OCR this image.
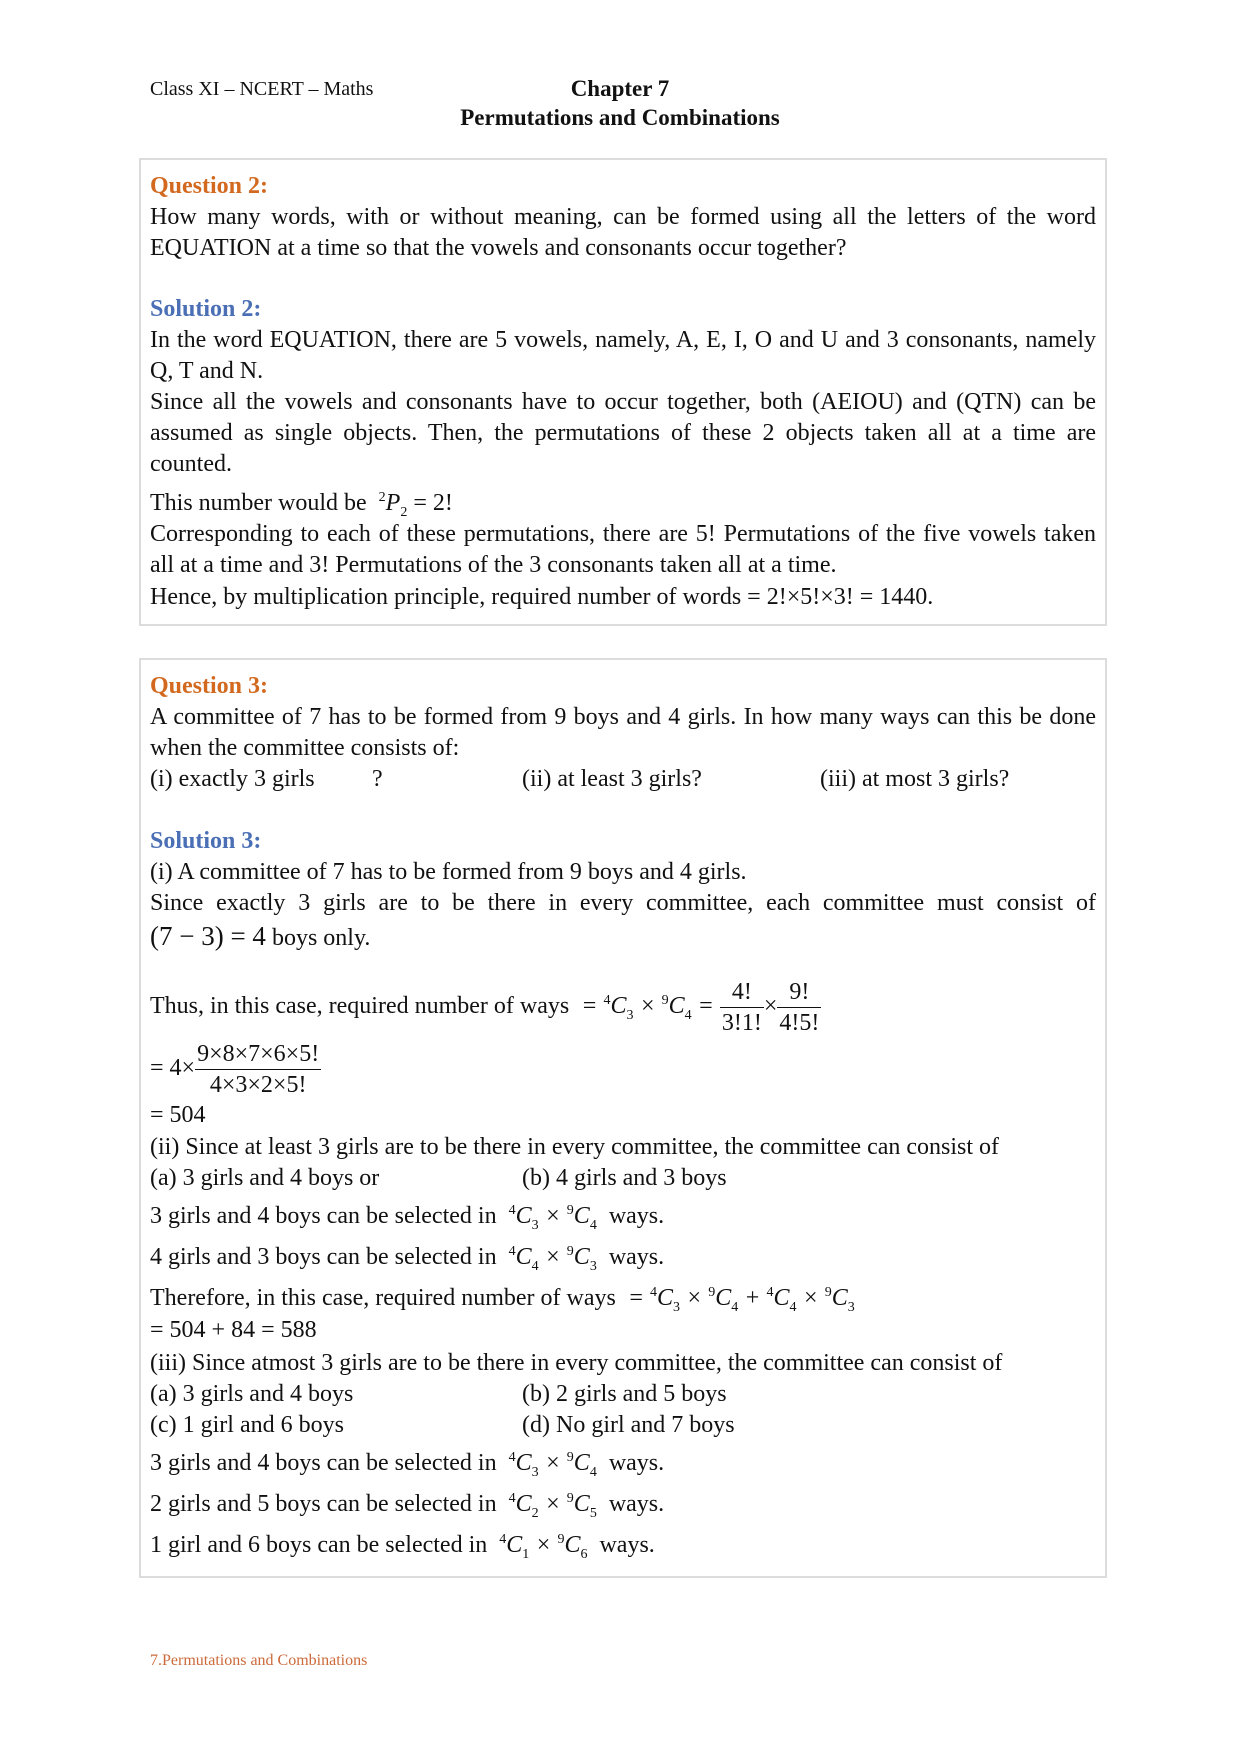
Class XI – NCERT – Maths	Chapter 7
Permutations and Combinations
Question 2:
How many words, with or without meaning, can be formed using all the letters of the word
EQUATION at a time so that the vowels and consonants occur together?
Solution 2:
In the word EQUATION, there are 5 vowels, namely, A, E, I, O and U and 3 consonants, namely
Q, T and N.
Since all the vowels and consonants have to occur together, both (AEIOU) and (QTN) can be
assumed as single objects. Then, the permutations of these 2 objects taken all at a time are
counted.
This number would be $^2P_2 = 2$!
Corresponding to each of these permutations, there are 5! Permutations of the five vowels taken
all at a time and 3! Permutations of the 3 consonants taken all at a time.
Hence, by multiplication principle, required number of words = 2!×5!×3! = 1440.
Question 3:
A committee of 7 has to be formed from 9 boys and 4 girls. In how many ways can this be done
when the committee consists of:
(i) exactly 3 girls ?	(ii) at least 3 girls?	(iii) at most 3 girls?
Solution 3:
(i) A committee of 7 has to be formed from 9 boys and 4 girls.
Since exactly 3 girls are to be there in every committee, each committee must consist of
(7 − 3) = 4 boys only.
Thus, in this case, required number of ways  = $^4C_3 \times ^9C_4 = \frac{4!}{3!1!} \times \frac{9!}{4!5!}$
= $4\times \frac{9\times 8\times 7\times 6\times 5!}{4\times 3\times 2\times 5!}$
= 504
(ii) Since at least 3 girls are to be there in every committee, the committee can consist of
(a) 3 girls and 4 boys or	(b) 4 girls and 3 boys
3 girls and 4 boys can be selected in $^4C_3 \times ^9C_4$ ways.
4 girls and 3 boys can be selected in $^4C_4 \times ^9C_3$ ways.
Therefore, in this case, required number of ways  = $^4C_3 \times ^9C_4 + ^4C_4 \times ^9C_3$
= 504 + 84 = 588
(iii) Since atmost 3 girls are to be there in every committee, the committee can consist of
(a) 3 girls and 4 boys	(b) 2 girls and 5 boys
(c) 1 girl and 6 boys	(d) No girl and 7 boys
3 girls and 4 boys can be selected in $^4C_3 \times ^9C_4$ ways.
2 girls and 5 boys can be selected in $^4C_2 \times ^9C_5$ ways.
1 girl and 6 boys can be selected in $^4C_1 \times ^9C_6$ ways.
7.Permutations and Combinations
